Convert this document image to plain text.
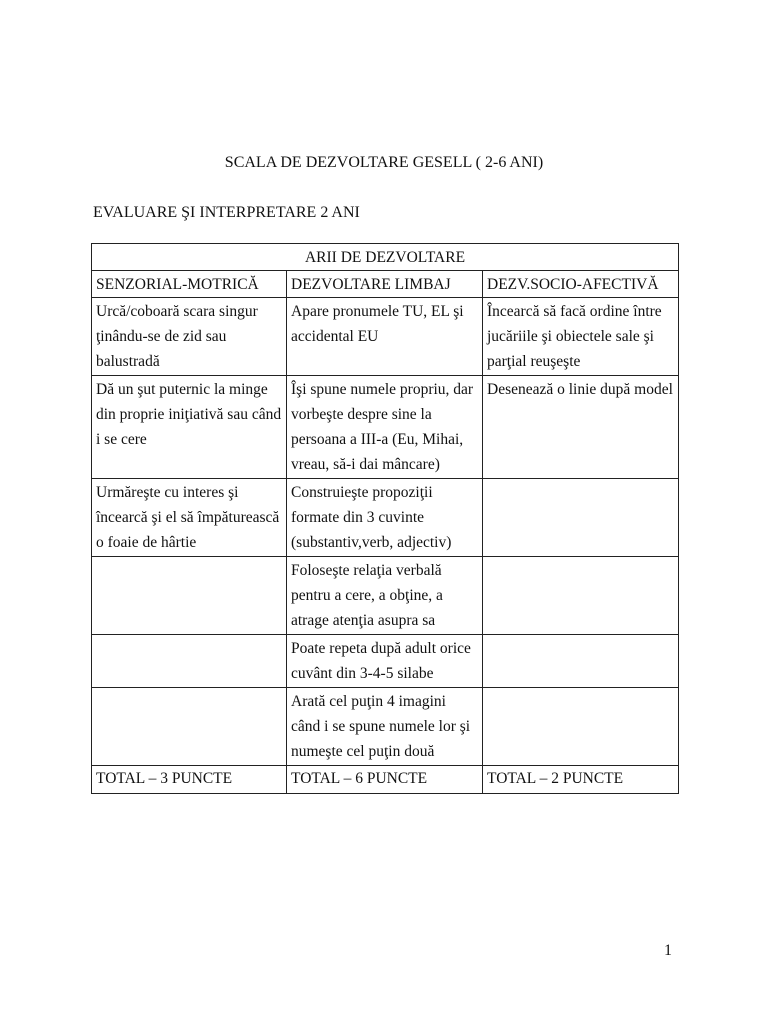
SCALA DE DEZVOLTARE GESELL ( 2-6 ANI)

EVALUARE ŞI INTERPRETARE 2 ANI

ARII DE DEZVOLTARE		
SENZORIAL-MOTRICĂ	DEZVOLTARE LIMBAJ	DEZV.SOCIO-AFECTIVĂ
Urcă/coboară scara singur ţinându-se de zid sau balustradă	Apare pronumele TU, EL şi accidental EU	Încearcă să facă ordine între jucăriile şi obiectele sale şi parţial reuşeşte
Dă un şut puternic la minge din proprie iniţiativă sau când i se cere	Îşi spune numele propriu, dar vorbeşte despre sine la persoana a III-a (Eu, Mihai, vreau, să-i dai mâncare)	Desenează o linie după model
Urmăreşte cu interes şi încearcă şi el să împăturească o foaie de hârtie	Construieşte propoziţii formate din 3 cuvinte (substantiv,verb, adjectiv)	
	Foloseşte relaţia verbală pentru a cere, a obţine, a atrage atenţia asupra sa	
	Poate repeta după adult orice cuvânt din 3-4-5 silabe	
	Arată cel puţin 4 imagini când i se spune numele lor şi numeşte cel puţin două	
TOTAL – 3 PUNCTE	TOTAL – 6 PUNCTE	TOTAL – 2 PUNCTE

1
